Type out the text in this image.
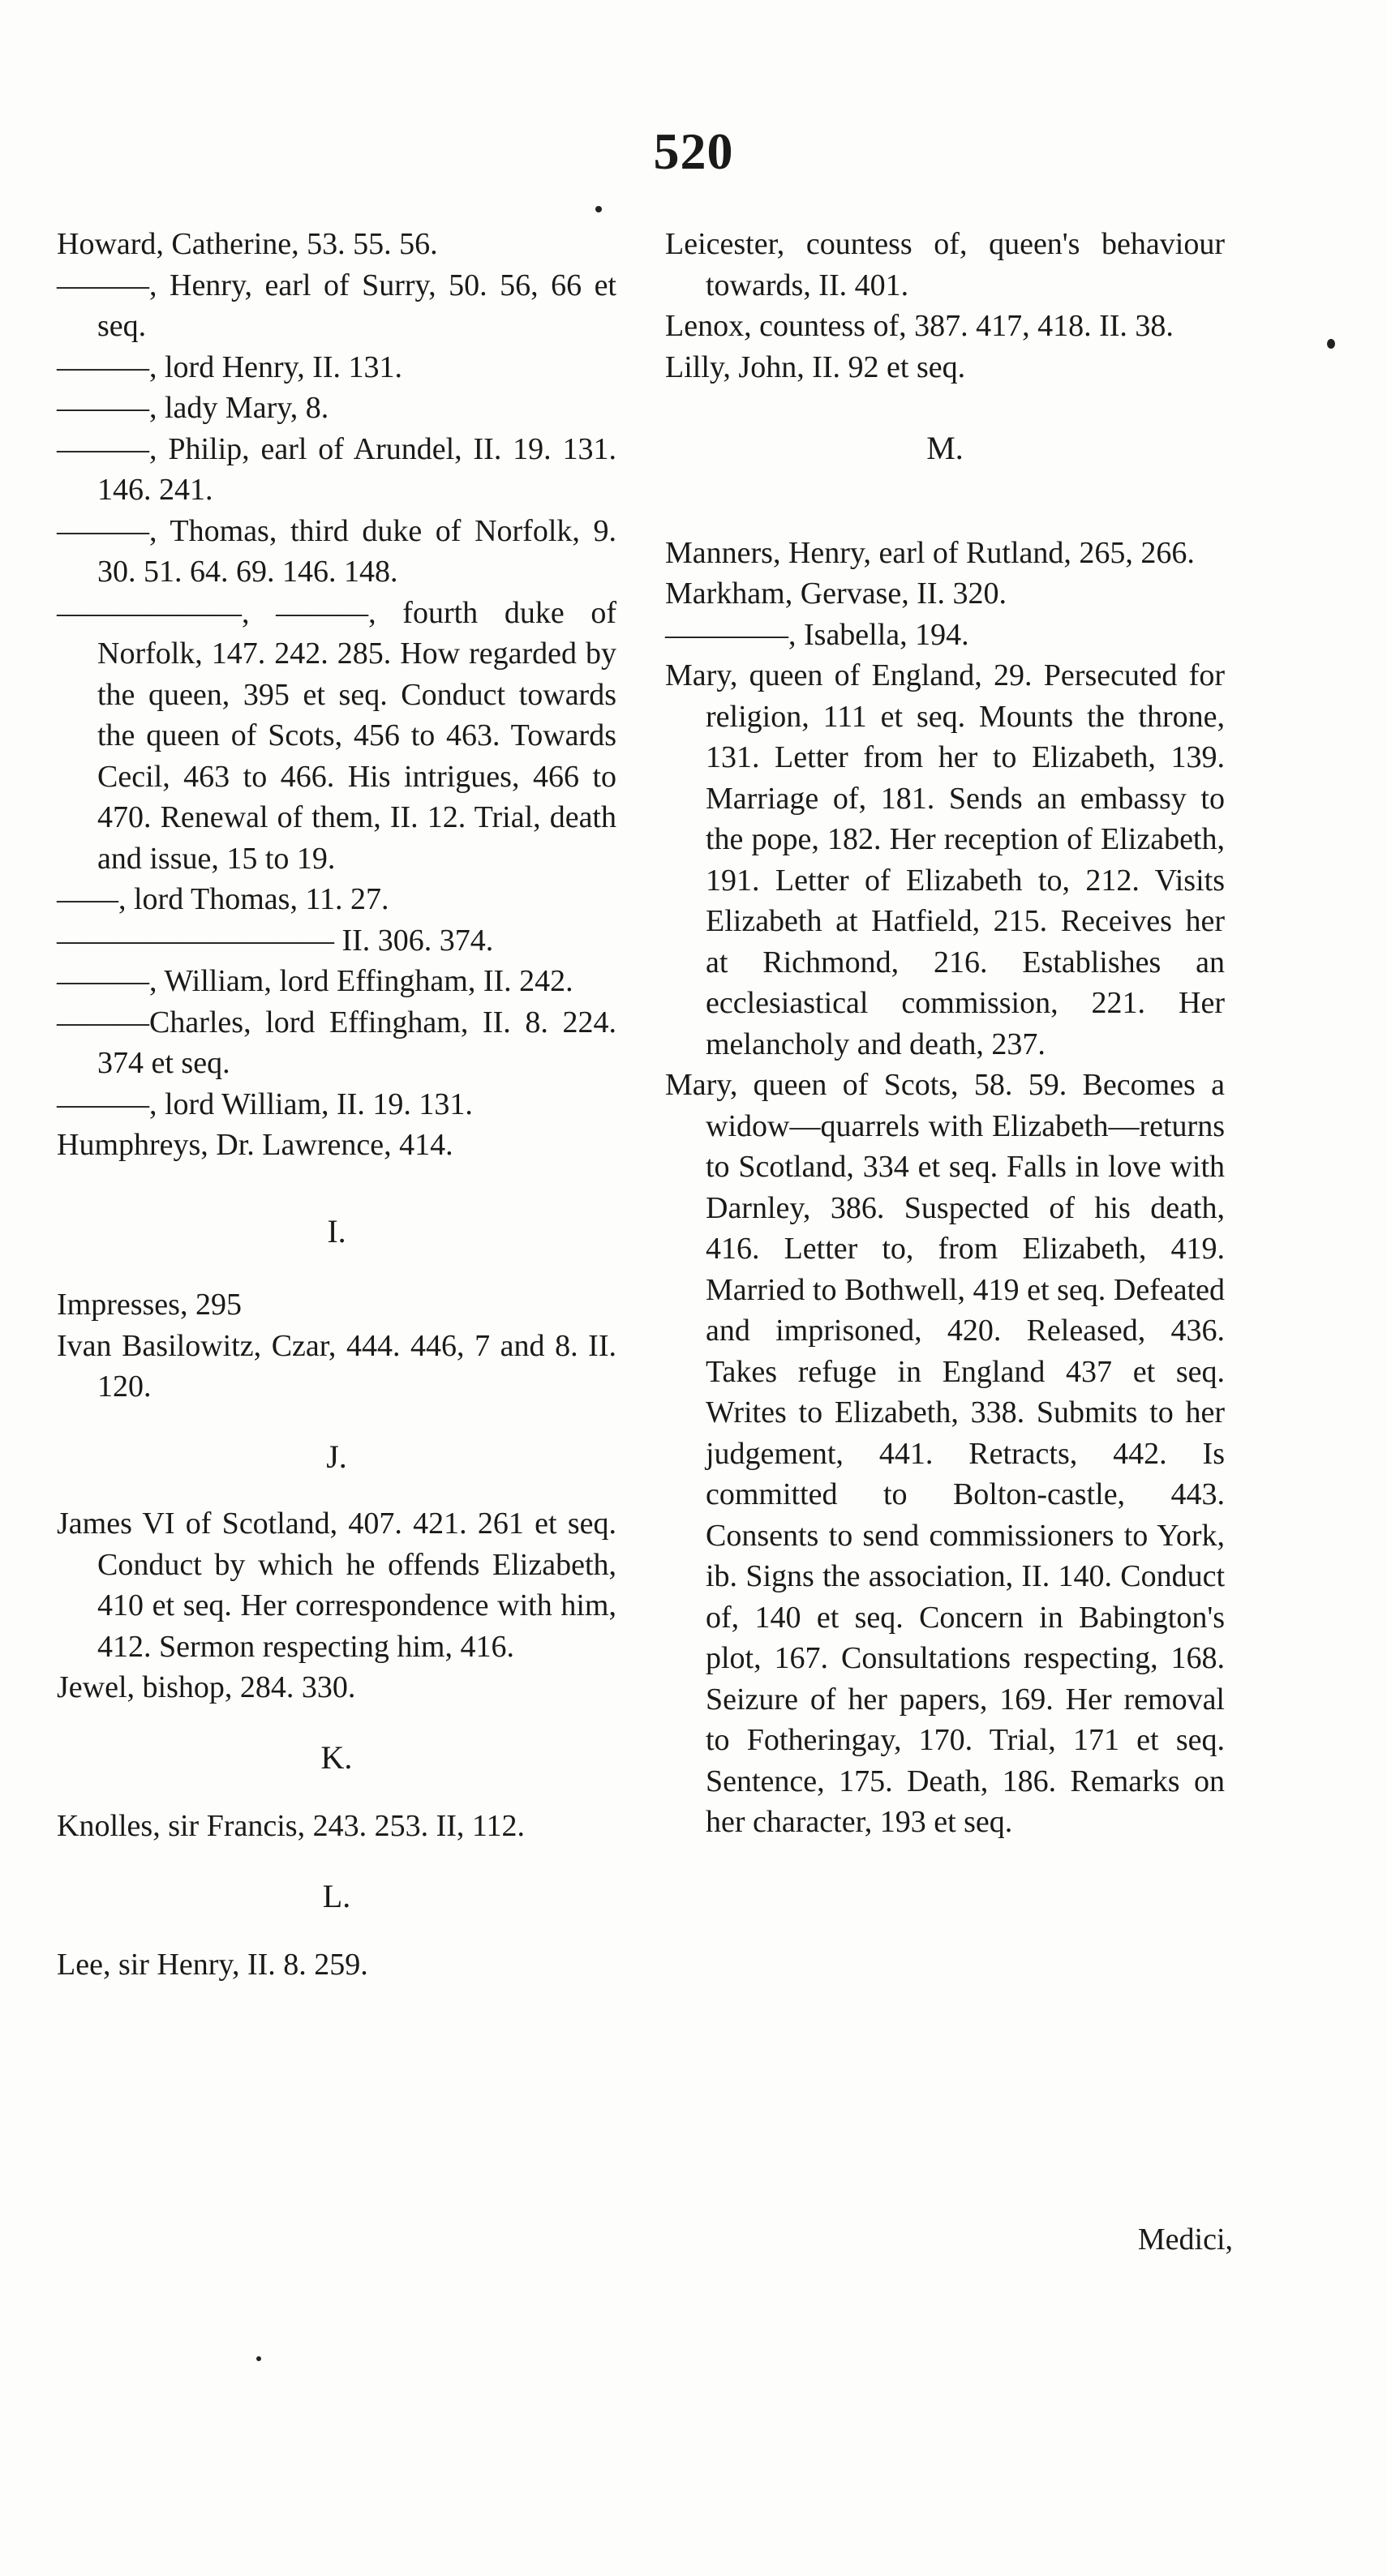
520

Howard, Catherine, 53. 55. 56.

———, Henry, earl of Surry, 50. 56, 66 et seq.

———, lord Henry, II. 131.

———, lady Mary, 8.

———, Philip, earl of Arundel, II. 19. 131. 146. 241.

———, Thomas, third duke of Norfolk, 9. 30. 51. 64. 69. 146. 148.

——————, ———, fourth duke of Norfolk, 147. 242. 285. How regarded by the queen, 395 et seq. Conduct towards the queen of Scots, 456 to 463. Towards Cecil, 463 to 466. His intrigues, 466 to 470. Renewal of them, II. 12. Trial, death and issue, 15 to 19.

——, lord Thomas, 11. 27.

————————— II. 306. 374.

———, William, lord Effingham, II. 242.

———Charles, lord Effingham, II. 8. 224. 374 et seq.

———, lord William, II. 19. 131.

Humphreys, Dr. Lawrence, 414.

I.

Impresses, 295

Ivan Basilowitz, Czar, 444. 446, 7 and 8. II. 120.

J.

James VI of Scotland, 407. 421. 261 et seq. Conduct by which he offends Elizabeth, 410 et seq. Her correspondence with him, 412. Sermon respecting him, 416.

Jewel, bishop, 284. 330.

K.

Knolles, sir Francis, 243. 253. II, 112.

L.

Lee, sir Henry, II. 8. 259.

Leicester, countess of, queen's behaviour towards, II. 401.

Lenox, countess of, 387. 417, 418. II. 38.

Lilly, John, II. 92 et seq.

M.

Manners, Henry, earl of Rutland, 265, 266.

Markham, Gervase, II. 320.

————, Isabella, 194.

Mary, queen of England, 29. Persecuted for religion, 111 et seq. Mounts the throne, 131. Letter from her to Elizabeth, 139. Marriage of, 181. Sends an embassy to the pope, 182. Her reception of Elizabeth, 191. Letter of Elizabeth to, 212. Visits Elizabeth at Hatfield, 215. Receives her at Richmond, 216. Establishes an ecclesiastical commission, 221. Her melancholy and death, 237.

Mary, queen of Scots, 58. 59. Becomes a widow—quarrels with Elizabeth—returns to Scotland, 334 et seq. Falls in love with Darnley, 386. Suspected of his death, 416. Letter to, from Elizabeth, 419. Married to Bothwell, 419 et seq. Defeated and imprisoned, 420. Released, 436. Takes refuge in England 437 et seq. Writes to Elizabeth, 338. Submits to her judgement, 441. Retracts, 442. Is committed to Bolton-castle, 443. Consents to send commissioners to York, ib. Signs the association, II. 140. Conduct of, 140 et seq. Concern in Babington's plot, 167. Consultations respecting, 168. Seizure of her papers, 169. Her removal to Fotheringay, 170. Trial, 171 et seq. Sentence, 175. Death, 186. Remarks on her character, 193 et seq.

Medici,
